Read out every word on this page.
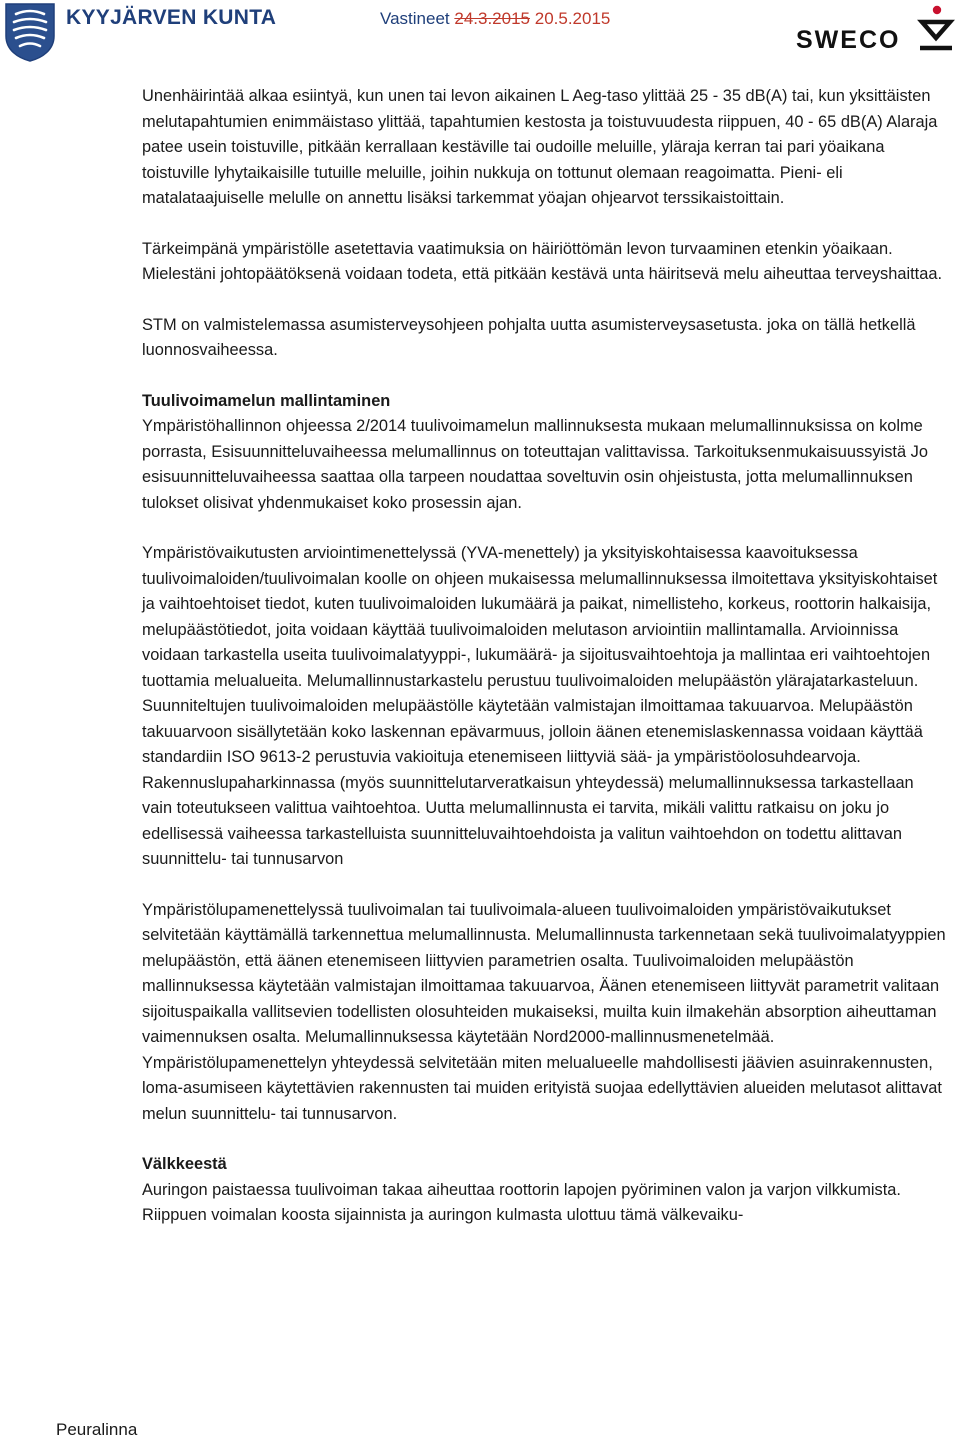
KYYJÄRVEN KUNTA	Vastineet 24.3.2015 20.5.2015
SWECO

Unenhäirintää alkaa esiintyä, kun unen tai levon aikainen L Aeg-taso ylittää 25 - 35 dB(A) tai, kun yksittäisten melutapahtumien enimmäistaso ylittää, tapahtumien kestosta ja toistuvuudesta riippuen, 40 - 65 dB(A) Alaraja patee usein toistuville, pitkään kerrallaan kestäville tai oudoille meluille, yläraja kerran tai pari yöaikana toistuville lyhytaikaisille tutuille meluille, joihin nukkuja on tottunut olemaan reagoimatta. Pieni- eli matalataajuiselle melulle on annettu lisäksi tarkemmat yöajan ohjearvot terssikaistoittain.

Tärkeimpänä ympäristölle asetettavia vaatimuksia on häiriöttömän levon turvaaminen etenkin yöaikaan. Mielestäni johtopäätöksenä voidaan todeta, että pitkään kestävä unta häiritsevä melu aiheuttaa terveyshaittaa.

STM on valmistelemassa asumisterveysohjeen pohjalta uutta asumisterveysasetusta. joka on tällä hetkellä luonnosvaiheessa.

Tuulivoimamelun mallintaminen

Ympäristöhallinnon ohjeessa 2/2014 tuulivoimamelun mallinnuksesta mukaan melumallinnuksissa on kolme porrasta, Esisuunnitteluvaiheessa melumallinnus on toteuttajan valittavissa. Tarkoituksenmukaisuussyistä Jo esisuunnitteluvaiheessa saattaa olla tarpeen noudattaa soveltuvin osin ohjeistusta, jotta melumallinnuksen tulokset olisivat yhdenmukaiset koko prosessin ajan.

Ympäristövaikutusten arviointimenettelyssä (YVA-menettely) ja yksityiskohtaisessa kaavoituksessa tuulivoimaloiden/tuulivoimalan koolle on ohjeen mukaisessa melumallinnuksessa ilmoitettava yksityiskohtaiset ja vaihtoehtoiset tiedot, kuten tuulivoimaloiden lukumäärä ja paikat, nimellisteho, korkeus, roottorin halkaisija, melupäästötiedot, joita voidaan käyttää tuulivoimaloiden melutason arviointiin mallintamalla. Arvioinnissa voidaan tarkastella useita tuulivoimalatyyppi-, lukumäärä- ja sijoitusvaihtoehtoja ja mallintaa eri vaihtoehtojen tuottamia melualueita. Melumallinnustarkastelu perustuu tuulivoimaloiden melupäästön ylärajatarkasteluun. Suunniteltujen tuulivoimaloiden melupäästölle käytetään valmistajan ilmoittamaa takuuarvoa. Melupäästön takuuarvoon sisällytetään koko laskennan epävarmuus, jolloin äänen etenemislaskennassa voidaan käyttää standardiin ISO 9613-2 perustuvia vakioituja etenemiseen liittyviä sää- ja ympäristöolosuhdearvoja.

Rakennuslupaharkinnassa (myös suunnittelutarveratkaisun yhteydessä) melumallinnuksessa tarkastellaan vain toteutukseen valittua vaihtoehtoa. Uutta melumallinnusta ei tarvita, mikäli valittu ratkaisu on joku jo edellisessä vaiheessa tarkastelluista suunnitteluvaihtoehdoista ja valitun vaihtoehdon on todettu alittavan suunnittelu- tai tunnusarvon

Ympäristölupamenettelyssä tuulivoimalan tai tuulivoimala-alueen tuulivoimaloiden ympäristövaikutukset selvitetään käyttämällä tarkennettua melumallinnusta. Melumallinnusta tarkennetaan sekä tuulivoimalatyyppien melupäästön, että äänen etenemiseen liittyvien parametrien osalta. Tuulivoimaloiden melupäästön mallinnuksessa käytetään valmistajan ilmoittamaa takuuarvoa, Äänen etenemiseen liittyvät parametrit valitaan sijoituspaikalla vallitsevien todellisten olosuhteiden mukaiseksi, muilta kuin ilmakehän absorption aiheuttaman vaimennuksen osalta. Melumallinnuksessa käytetään Nord2000-mallinnusmenetelmää. Ympäristölupamenettelyn yhteydessä selvitetään miten melualueelle mahdollisesti jäävien asuinrakennusten, loma-asumiseen käytettävien rakennusten tai muiden erityistä suojaa edellyttävien alueiden melutasot alittavat melun suunnittelu- tai tunnusarvon.

Välkkeestä

Auringon paistaessa tuulivoiman takaa aiheuttaa roottorin lapojen pyöriminen valon ja varjon vilkkumista. Riippuen voimalan koosta sijainnista ja auringon kulmasta ulottuu tämä välkevaiku-

Peuralinna
